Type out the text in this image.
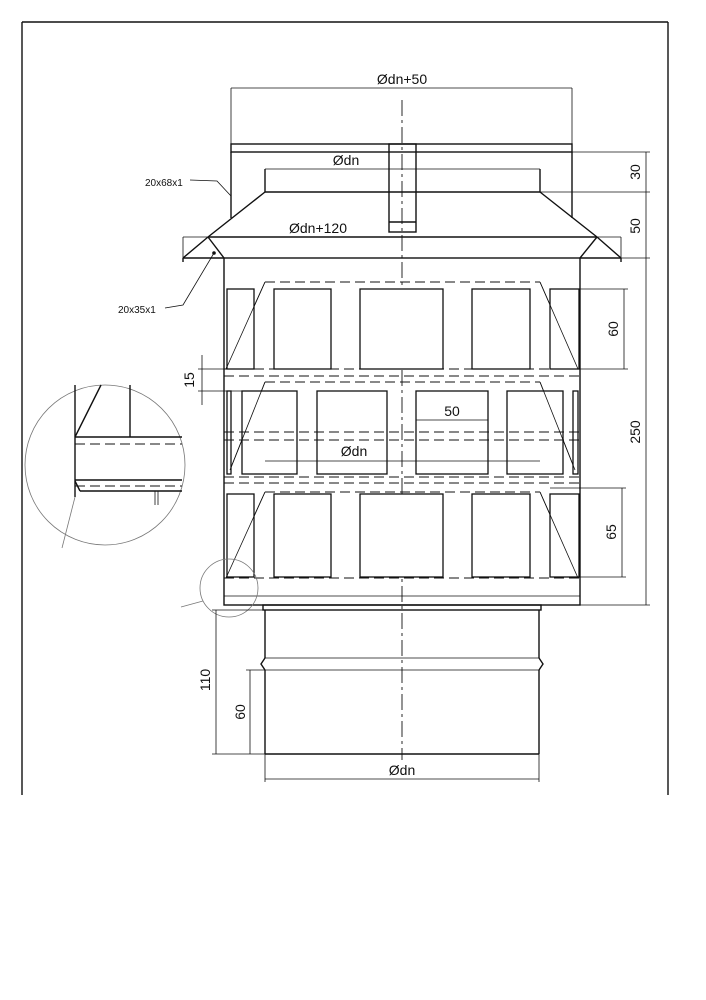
20x68x1
20x35x1
Ødn+50
Ødn
Ødn+120
50
Ødn
Ødn
30
50
60
250
65
15
110
60
